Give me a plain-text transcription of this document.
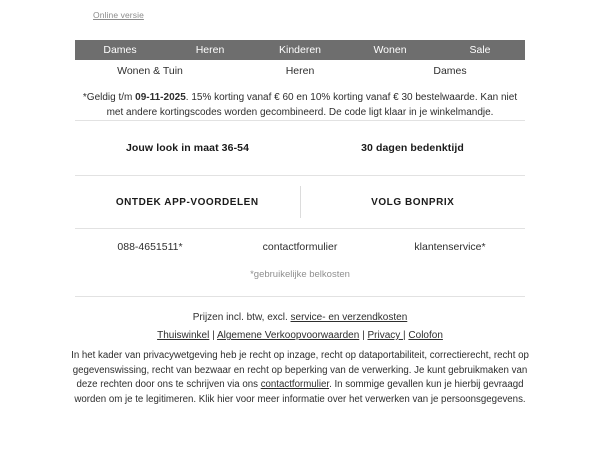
Online versie
Dames	Heren	Kinderen	Wonen	Sale
Wonen & Tuin	Heren	Dames
*Geldig t/m 09-11-2025. 15% korting vanaf € 60 en 10% korting vanaf € 30 bestelwaarde. Kan niet met andere kortingscodes worden gecombineerd. De code ligt klaar in je winkelmandje.
Jouw look in maat 36-54	30 dagen bedenktijd
ONTDEK APP-VOORDELEN	VOLG BONPRIX
088-4651511*	contactformulier	klantenservice*
*gebruikelijke belkosten
Prijzen incl. btw, excl. service- en verzendkosten
Thuiswinkel | Algemene Verkoopvoorwaarden | Privacy | Colofon
In het kader van privacywetgeving heb je recht op inzage, recht op dataportabiliteit, correctierecht, recht op gegevenswissing, recht van bezwaar en recht op beperking van de verwerking. Je kunt gebruikmaken van deze rechten door ons te schrijven via ons contactformulier. In sommige gevallen kun je hierbij gevraagd worden om je te legitimeren. Klik hier voor meer informatie over het verwerken van je persoonsgegevens.
